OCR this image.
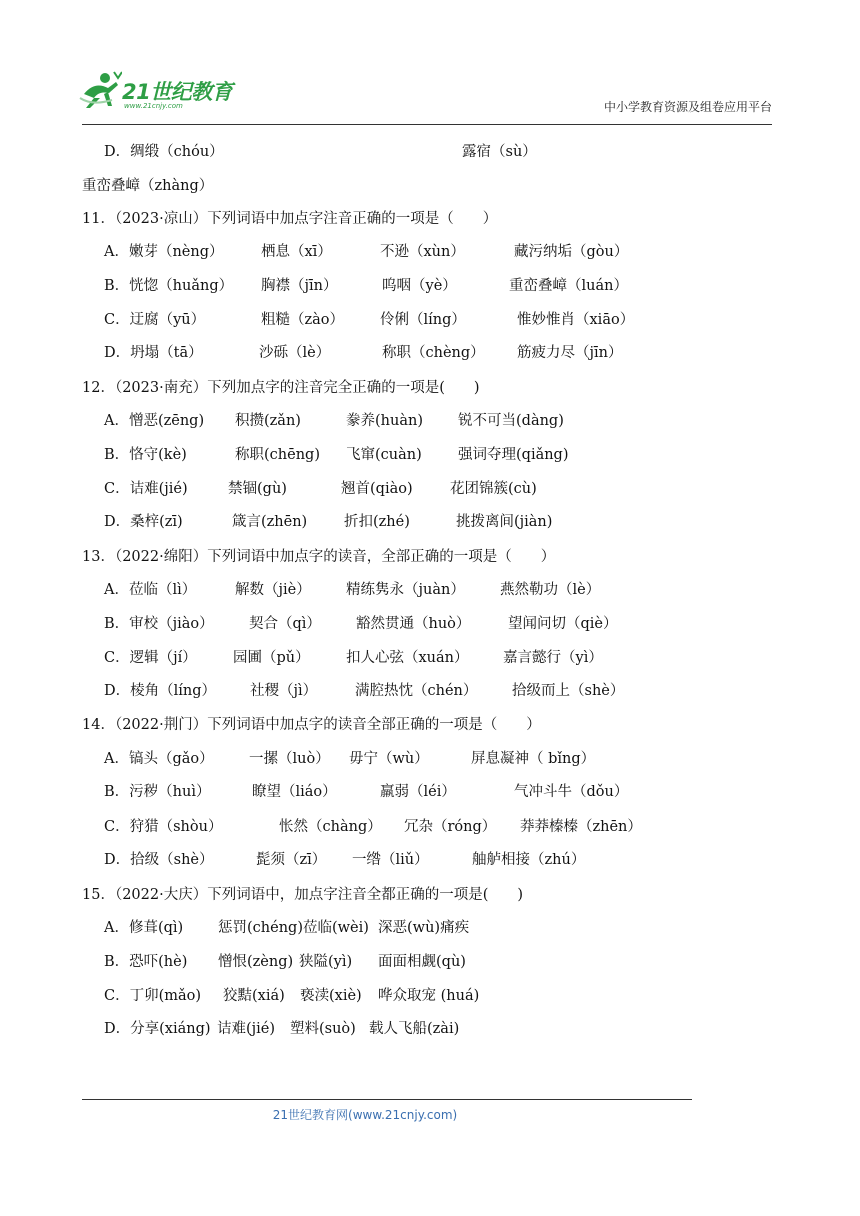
21世纪教育
www.21cnjy.com	中小学教育资源及组卷应用平台
D．绸缎（chóu）	露宿（sù）
重峦叠嶂（zhàng）
11．（2023·凉山）下列词语中加点字注音正确的一项是（　　）
A．嫩芽（nèng）	栖息（xī）	不逊（xùn）	藏污纳垢（gòu）
B．恍惚（huǎng） 胸襟（jīn）	呜咽（yè）	重峦叠嶂（luán）
C．迂腐（yū）	粗糙（zào） 伶俐（líng）	惟妙惟肖（xiāo）
D．坍塌（tā）	沙砾（lè）	称职（chèng） 筋疲力尽（jīn）
12．（2023·南充）下列加点字的注音完全正确的一项是(　　)
A．憎恶(zēng) 积攒(zǎn)	豢养(huàn) 锐不可当(dàng)
B．恪守(kè)	称职(chēng) 飞窜(cuàn) 强词夺理(qiǎng)
C．诘难(jié)	禁锢(gù)	翘首(qiào)	花团锦簇(cù)
D．桑梓(zī)	箴言(zhēn)	折扣(zhé)	挑拨离间(jiàn)
13．（2022·绵阳）下列词语中加点字的读音，全部正确的一项是（　　）
A．莅临（lì）	解数（jiè） 精练隽永（juàn） 燕然勒功（lè）
B．审校（jiào） 契合（qì） 豁然贯通（huò）	望闻问切（qiè）
C．逻辑（jí）	园圃（pǔ）	扣人心弦（xuán） 嘉言懿行（yì）
D．棱角（líng） 社稷（jì）	满腔热忱（chén） 拾级而上（shè）
14．（2022·荆门）下列词语中加点字的读音全部正确的一项是（　　）
A．镐头（gǎo） 一摞（luò） 毋宁（wù）	屏息凝神（ bǐng）
B．污秽（huì）	瞭望（liáo）	羸弱（léi）	气冲斗牛（dǒu）
C．狩猎（shòu）	怅然（chàng） 冗杂（róng） 莽莽榛榛（zhēn）
D．拾级（shè）	髭须（zī） 一绺（liǔ）	舳舻相接（zhú）
15．（2022·大庆）下列词语中，加点字注音全都正确的一项是(　　)
A．修葺(qì) 惩罚(chéng)莅临(wèi) 深恶(wù)痛疾
B．恐吓(hè) 憎恨(zèng) 狭隘(yì) 面面相觑(qù)
C．丁卯(mǎo) 狡黠(xiá) 亵渎(xiè) 哗众取宠 (huá)
D．分享(xiáng) 诘难(jié) 塑料(suò) 载人飞船(zài)
21世纪教育网(www.21cnjy.com)
